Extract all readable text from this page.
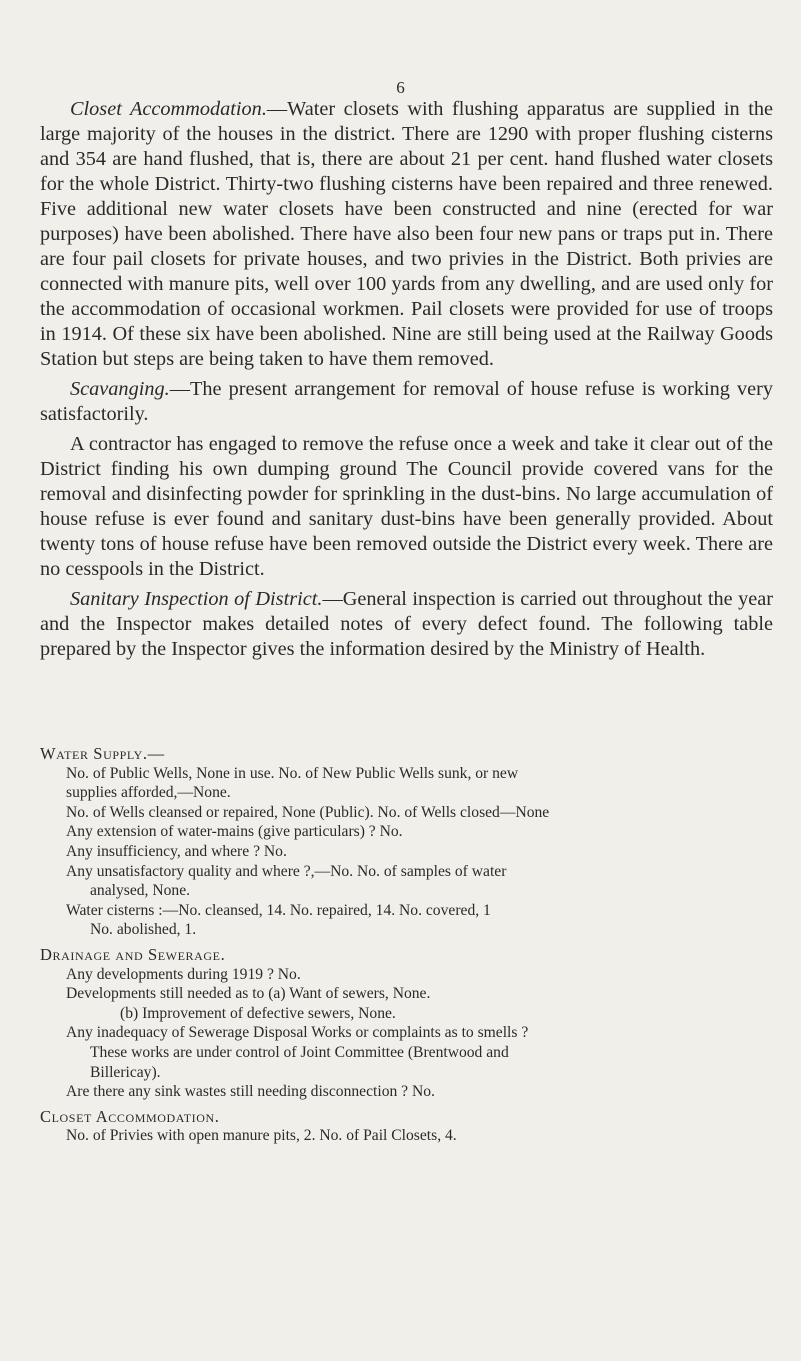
6

Closet Accommodation.—Water closets with flushing apparatus are supplied in the large majority of the houses in the district. There are 1290 with proper flushing cisterns and 354 are hand flushed, that is, there are about 21 per cent. hand flushed water closets for the whole District. Thirty-two flushing cisterns have been repaired and three renewed. Five additional new water closets have been constructed and nine (erected for war purposes) have been abolished. There have also been four new pans or traps put in. There are four pail closets for private houses, and two privies in the District. Both privies are connected with manure pits, well over 100 yards from any dwelling, and are used only for the accommodation of occasional workmen. Pail closets were provided for use of troops in 1914. Of these six have been abolished. Nine are still being used at the Railway Goods Station but steps are being taken to have them removed.

Scavanging.—The present arrangement for removal of house refuse is working very satisfactorily.

A contractor has engaged to remove the refuse once a week and take it clear out of the District finding his own dumping ground The Council provide covered vans for the removal and disinfecting powder for sprinkling in the dust-bins. No large accumulation of house refuse is ever found and sanitary dust-bins have been generally provided. About twenty tons of house refuse have been removed outside the District every week. There are no cesspools in the District.

Sanitary Inspection of District.—General inspection is carried out throughout the year and the Inspector makes detailed notes of every defect found. The following table prepared by the Inspector gives the information desired by the Ministry of Health.

Water Supply.—
No. of Public Wells, None in use. No. of New Public Wells sunk, or new
supplies afforded,—None.
No. of Wells cleansed or repaired, None (Public). No. of Wells closed—None
Any extension of water-mains (give particulars) ? No.
Any insufficiency, and where ? No.
Any unsatisfactory quality and where ?,—No. No. of samples of water
analysed, None.
Water cisterns :—No. cleansed, 14. No. repaired, 14. No. covered, 1
No. abolished, 1.
Drainage and Sewerage.
Any developments during 1919 ? No.
Developments still needed as to (a) Want of sewers, None.
(b) Improvement of defective sewers, None.
Any inadequacy of Sewerage Disposal Works or complaints as to smells ?
These works are under control of Joint Committee (Brentwood and
Billericay).
Are there any sink wastes still needing disconnection ? No.
Closet Accommodation.
No. of Privies with open manure pits, 2. No. of Pail Closets, 4.
